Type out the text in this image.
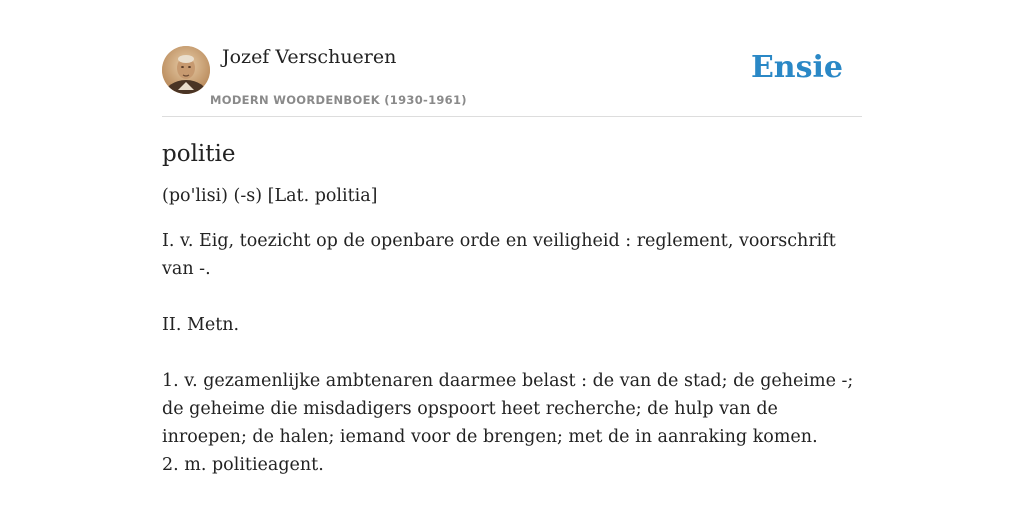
Jozef Verschueren
MODERN WOORDENBOEK (1930-1961)
Ensie
politie

(po'lisi) (-s) [Lat. politia]

I. v. Eig, toezicht op de openbare orde en veiligheid : reglement, voorschrift van -.

II. Metn.

1. v. gezamenlijke ambtenaren daarmee belast : de van de stad; de geheime -; de geheime die misdadigers opspoort heet recherche; de hulp van de inroepen; de halen; iemand voor de brengen; met de in aanraking komen.
2. m. politieagent.
